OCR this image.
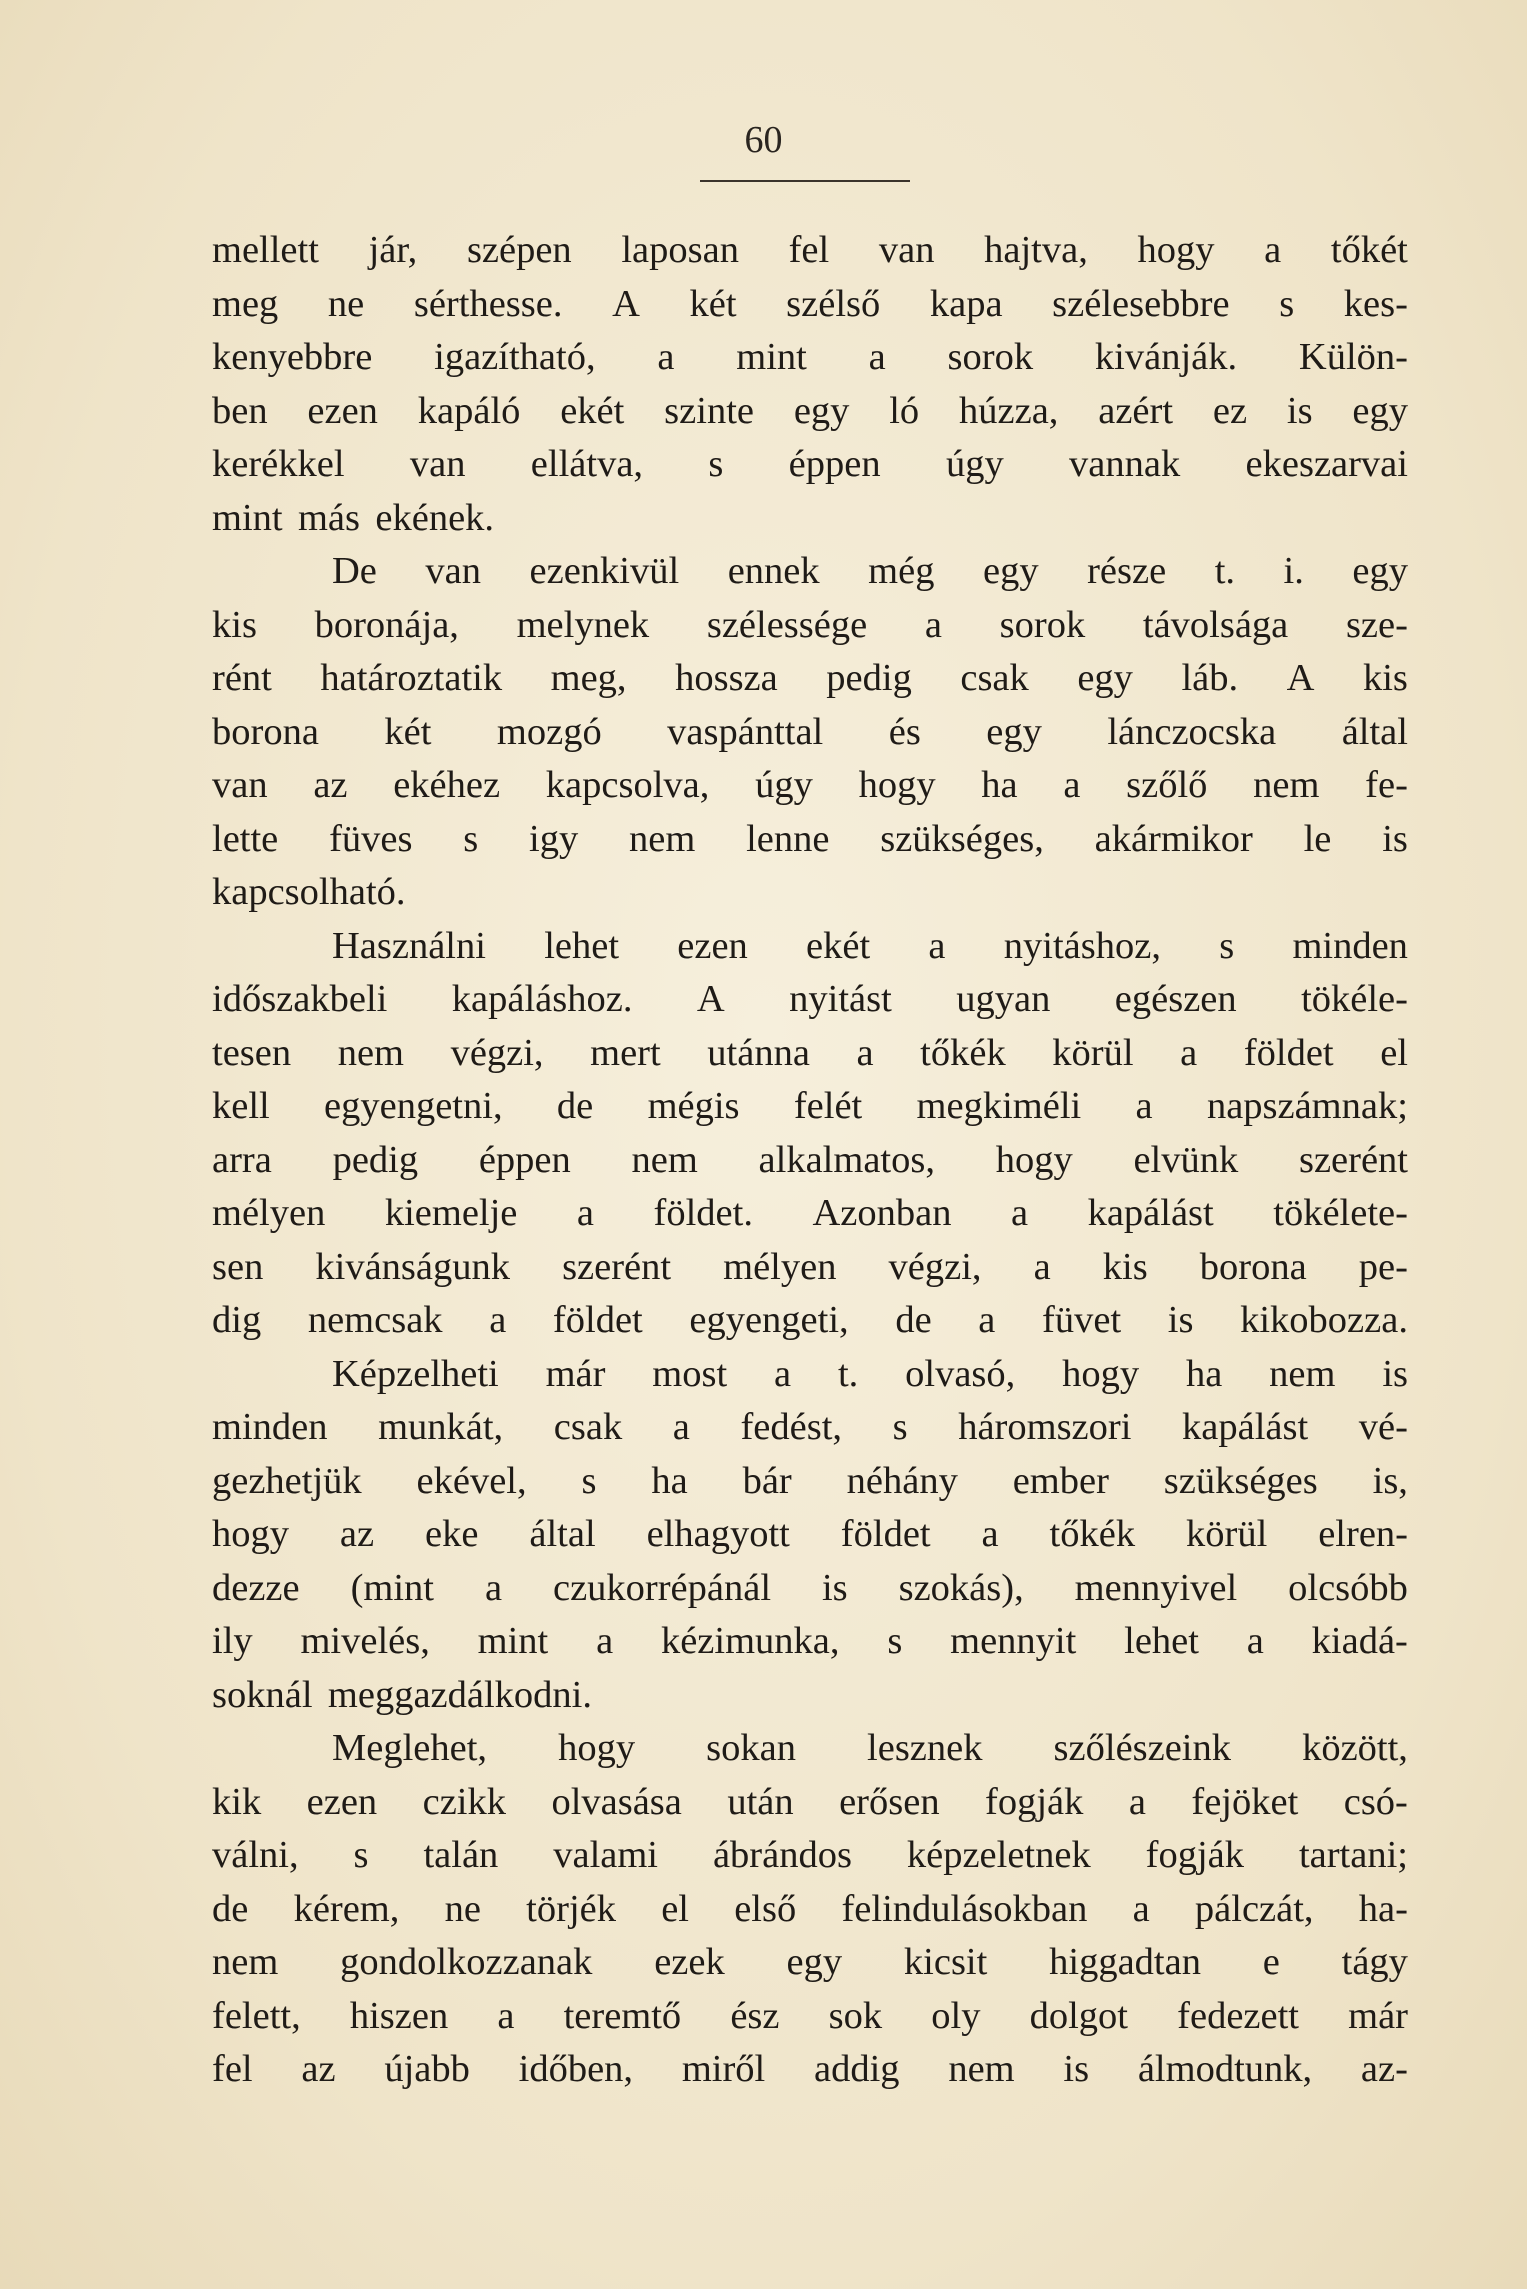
60
mellett jár, szépen laposan fel van hajtva, hogy a tőkét
meg ne sérthesse. A két szélső kapa szélesebbre s kes-
kenyebbre igazítható, a mint a sorok kivánják. Külön-
ben ezen kapáló ekét szinte egy ló húzza, azért ez is egy
kerékkel van ellátva, s éppen úgy vannak ekeszarvai
mint más ekének.
De van ezenkivül ennek még egy része t. i. egy
kis boronája, melynek szélessége a sorok távolsága sze-
rént határoztatik meg, hossza pedig csak egy láb. A kis
borona két mozgó vaspánttal és egy lánczocska által
van az ekéhez kapcsolva, úgy hogy ha a szőlő nem fe-
lette füves s igy nem lenne szükséges, akármikor le is
kapcsolható.
Használni lehet ezen ekét a nyitáshoz, s minden
időszakbeli kapáláshoz. A nyitást ugyan egészen tökéle-
tesen nem végzi, mert utánna a tőkék körül a földet el
kell egyengetni, de mégis felét megkiméli a napszámnak;
arra pedig éppen nem alkalmatos, hogy elvünk szerént
mélyen kiemelje a földet. Azonban a kapálást tökélete-
sen kivánságunk szerént mélyen végzi, a kis borona pe-
dig nemcsak a földet egyengeti, de a füvet is kikobozza.
Képzelheti már most a t. olvasó, hogy ha nem is
minden munkát, csak a fedést, s háromszori kapálást vé-
gezhetjük ekével, s ha bár néhány ember szükséges is,
hogy az eke által elhagyott földet a tőkék körül elren-
dezze (mint a czukorrépánál is szokás), mennyivel olcsóbb
ily mivelés, mint a kézimunka, s mennyit lehet a kiadá-
soknál meggazdálkodni.
Meglehet, hogy sokan lesznek szőlészeink között,
kik ezen czikk olvasása után erősen fogják a fejöket csó-
válni, s talán valami ábrándos képzeletnek fogják tartani;
de kérem, ne törjék el első felindulásokban a pálczát, ha-
nem gondolkozzanak ezek egy kicsit higgadtan e tágy
felett, hiszen a teremtő ész sok oly dolgot fedezett már
fel az újabb időben, miről addig nem is álmodtunk, az-
